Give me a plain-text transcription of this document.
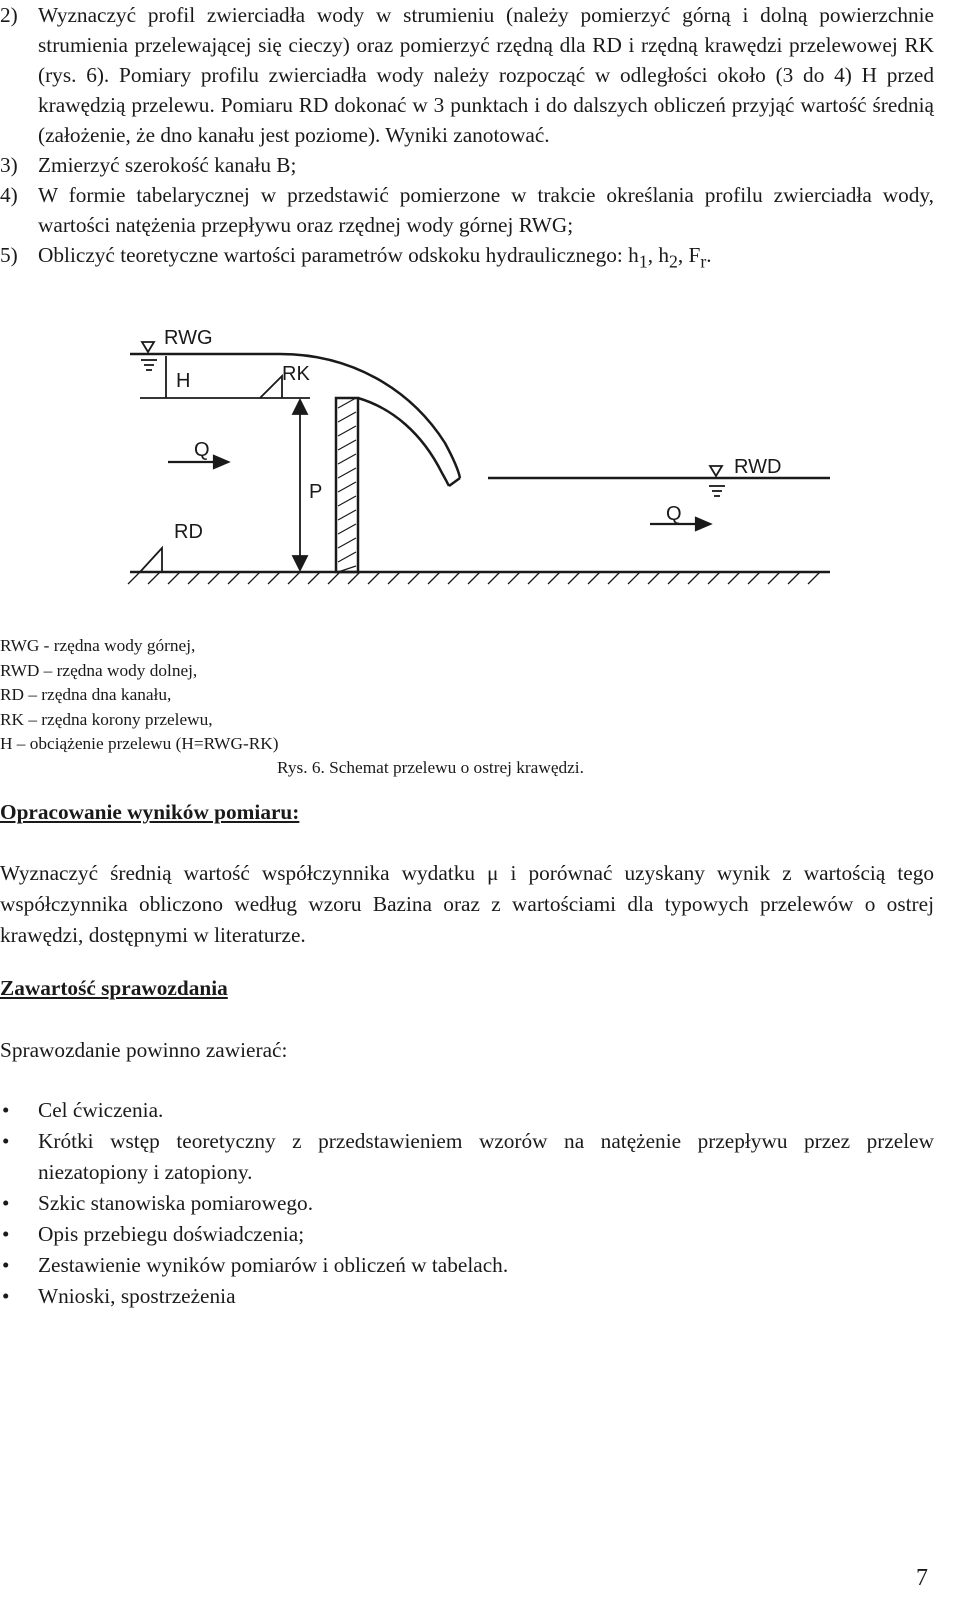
2) Wyznaczyć profil zwierciadła wody w strumieniu (należy pomierzyć górną i dolną powierzchnie strumienia przelewającej się cieczy) oraz pomierzyć rzędną dla RD i rzędną krawędzi przelewowej RK (rys. 6). Pomiary profilu zwierciadła wody należy rozpocząć w odległości około (3 do 4) H przed krawędzią przelewu. Pomiaru RD dokonać w 3 punktach i do dalszych obliczeń przyjąć wartość średnią (założenie, że dno kanału jest poziome). Wyniki zanotować.
3) Zmierzyć szerokość kanału B;
4) W formie tabelarycznej w przedstawić pomierzone w trakcie określania profilu zwierciadła wody, wartości natężenia przepływu oraz rzędnej wody górnej RWG;
5) Obliczyć teoretyczne wartości parametrów odskoku hydraulicznego: $h_1$, $h_2$, $F_r$.
RWG
H	RK
P
Q
RD
RWD
Q
RWG - rzędna wody górnej,
RWD – rzędna wody dolnej,
RD – rzędna dna kanału,
RK – rzędna korony przelewu,
H – obciążenie przelewu (H=RWG-RK)
Rys. 6. Schemat przelewu o ostrej krawędzi.
Opracowanie wyników pomiaru:
Wyznaczyć średnią wartość współczynnika wydatku μ i porównać uzyskany wynik z wartością tego współczynnika obliczono według wzoru Bazina oraz z wartościami dla typowych przelewów o ostrej krawędzi, dostępnymi w literaturze.
Zawartość sprawozdania
Sprawozdanie powinno zawierać:
•	Cel ćwiczenia.
•	Krótki wstęp teoretyczny z przedstawieniem wzorów na natężenie przepływu przez przelew niezatopiony i zatopiony.
•	Szkic stanowiska pomiarowego.
•	Opis przebiegu doświadczenia;
•	Zestawienie wyników pomiarów i obliczeń w tabelach.
•	Wnioski, spostrzeżenia
7
